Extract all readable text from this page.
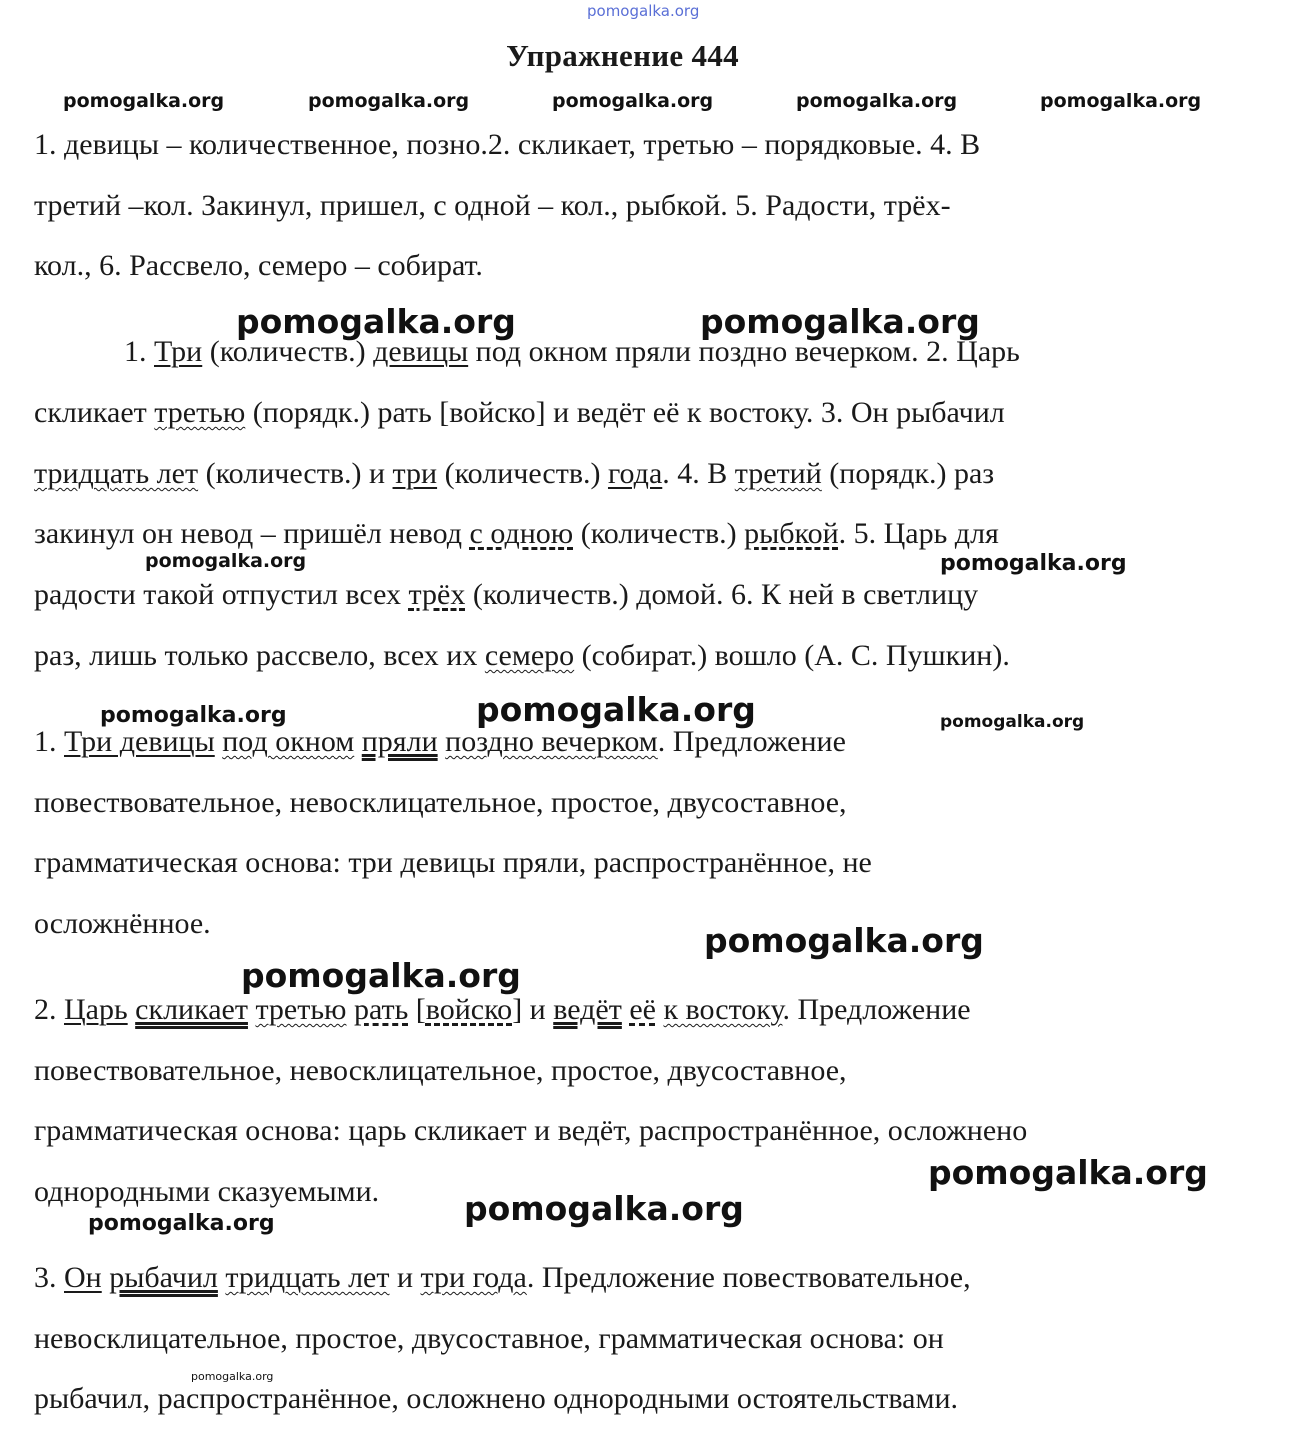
pomogalka.org
pomogalka.org	pomogalka.org	pomogalka.org	pomogalka.org	pomogalka.org
Упражнение 444
1. девицы – количественное, позно.2. скликает, третью – порядковые. 4. В
третий –кол. Закинул, пришел, с одной – кол., рыбкой. 5. Радости, трёх-
кол., 6. Рассвело, семеро – собират.
pomogalka.org	pomogalka.org
1. Три (количеств.) девицы под окном пряли поздно вечерком. 2. Царь
скликает третью (порядк.) рать [войско] и ведёт её к востоку. 3. Он рыбачил
тридцать лет (количеств.) и три (количеств.) года. 4. В третий (порядк.) раз
закинул он невод – пришёл невод с одною (количеств.) рыбкой. 5. Царь для
pomogalka.org	pomogalka.org
радости такой отпустил всех трёх (количеств.) домой. 6. К ней в светлицу
раз, лишь только рассвело, всех их семеро (собират.) вошло (А. С. Пушкин).
pomogalka.org	pomogalka.org	pomogalka.org
1. Три девицы под окном пряли поздно вечерком. Предложение
повествовательное, невосклицательное, простое, двусоставное,
грамматическая основа: три девицы пряли, распространённое, не
осложнённое.	pomogalka.org
pomogalka.org
2. Царь скликает третью рать [войско] и ведёт её к востоку. Предложение
повествовательное, невосклицательное, простое, двусоставное,
грамматическая основа: царь скликает и ведёт, распространённое, осложнено
однородными сказуемыми.	pomogalka.org
pomogalka.org
pomogalka.org
3. Он рыбачил тридцать лет и три года. Предложение повествовательное,
невосклицательное, простое, двусоставное, грамматическая основа: он
pomogalka.org
рыбачил, распространённое, осложнено однородными остоятельствами.
